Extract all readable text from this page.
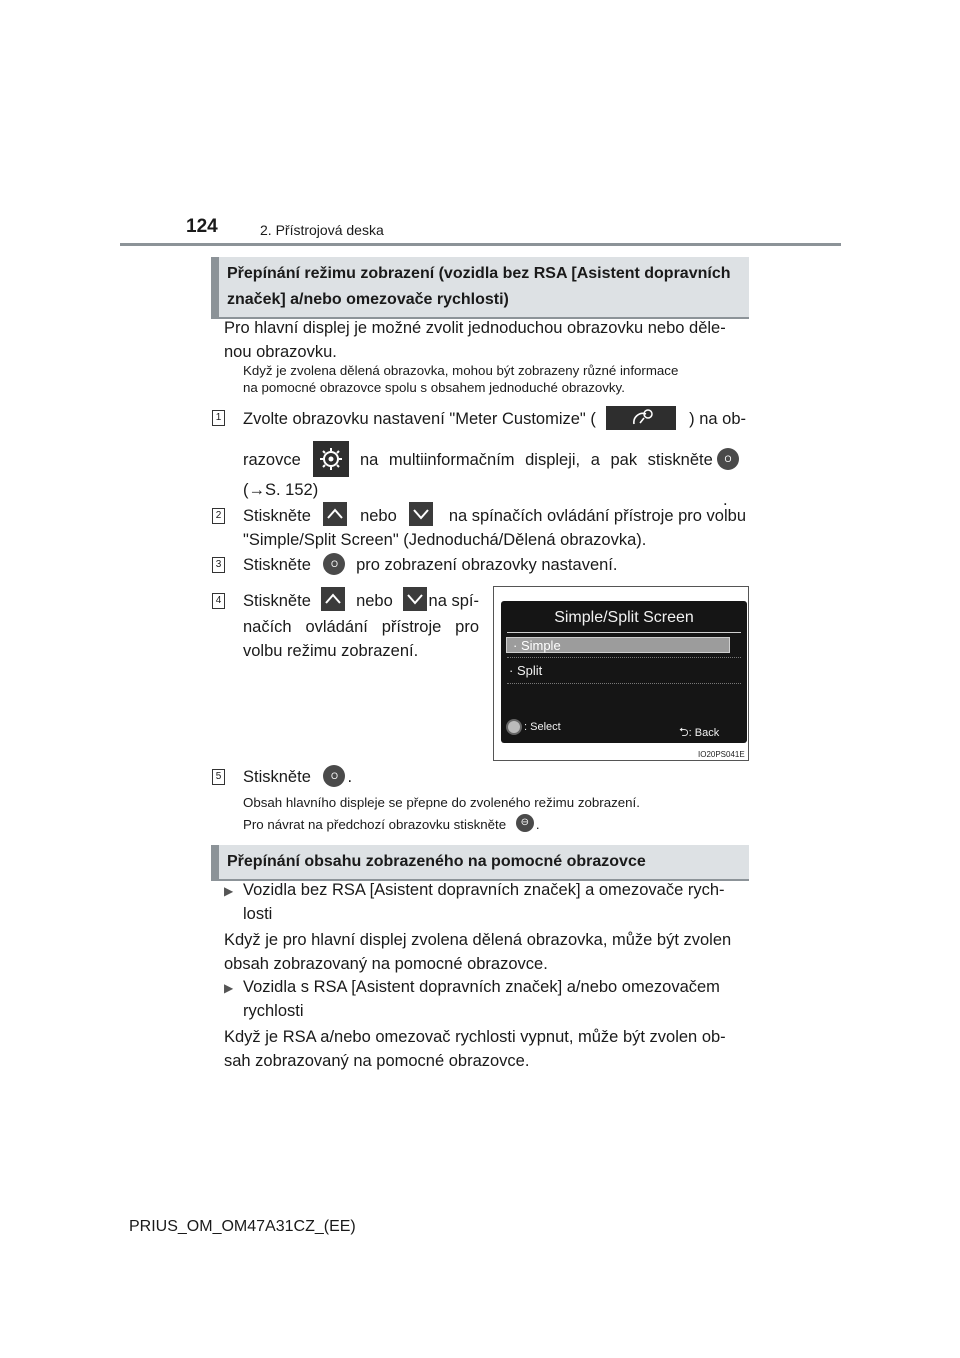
124	2. Přístrojová deska
Přepínání režimu zobrazení (vozidla bez RSA [Asistent dopravních
značek] a/nebo omezovače rychlosti)
Pro hlavní displej je možné zvolit jednoduchou obrazovku nebo děle-
nou obrazovku.
Když je zvolena dělená obrazovka, mohou být zobrazeny různé informace
na pomocné obrazovce spolu s obsahem jednoduché obrazovky.
1 Zvolte obrazovku nastavení "Meter Customize" (	) na ob-
razovce	na multiinformačním displeji, a pak stiskněte	O.
(→S. 152)
2 Stiskněte	nebo	na spínačích ovládání přístroje pro volbu
"Simple/Split Screen" (Jednoduchá/Dělená obrazovka).
3 Stiskněte O pro zobrazení obrazovky nastavení.
4 Stiskněte	nebo na spí-
načích ovládání přístroje pro
volbu režimu zobrazení.
Simple/Split Screen
· Simple
· Split
: Select	⮌: Back
IO20PS041E
5 Stiskněte O .
Obsah hlavního displeje se přepne do zvoleného režimu zobrazení.
Pro návrat na předchozí obrazovku stiskněte ⊖ .
Přepínání obsahu zobrazeného na pomocné obrazovce
▶ Vozidla bez RSA [Asistent dopravních značek] a omezovače rych-
losti
Když je pro hlavní displej zvolena dělená obrazovka, může být zvolen
obsah zobrazovaný na pomocné obrazovce.
▶ Vozidla s RSA [Asistent dopravních značek] a/nebo omezovačem
rychlosti
Když je RSA a/nebo omezovač rychlosti vypnut, může být zvolen ob-
sah zobrazovaný na pomocné obrazovce.
PRIUS_OM_OM47A31CZ_(EE)
